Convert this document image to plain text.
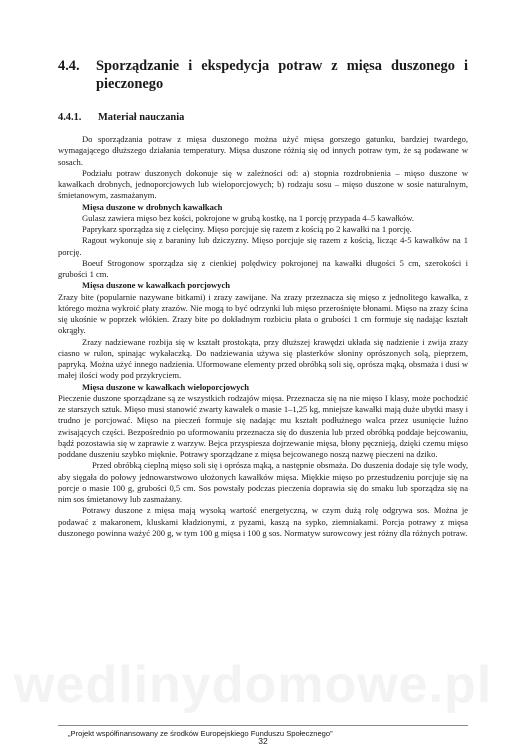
wedlinydomowe.pl
4.4.	Sporządzanie i ekspedycja potraw z mięsa duszonego i pieczonego
4.4.1. Materiał nauczania

Do sporządzania potraw z mięsa duszonego można użyć mięsa gorszego gatunku, bardziej twardego, wymagającego dłuższego działania temperatury. Mięsa duszone różnią się od innych potraw tym, że są podawane w sosach.

Podziału potraw duszonych dokonuje się w zależności od: a) stopnia rozdrobnienia – mięso duszone w kawałkach drobnych, jednoporcjowych lub wieloporcjowych; b) rodzaju sosu – mięso duszone w sosie naturalnym, śmietanowym, zasmażanym.

Mięsa duszone w drobnych kawałkach

Gulasz zawiera mięso bez kości, pokrojone w grubą kostkę, na 1 porcję przypada 4–5 kawałków.

Paprykarz sporządza się z cielęciny. Mięso porcjuje się razem z kością po 2 kawałki na 1 porcję.

Ragout wykonuje się z baraniny lub dziczyzny. Mięso porcjuje się razem z kością, licząc 4-5 kawałków na 1 porcję.

Boeuf Strogonow sporządza się z cienkiej polędwicy pokrojonej na kawałki długości 5 cm, szerokości i grubości 1 cm.

Mięsa duszone w kawałkach porcjowych

Zrazy bite (popularnie nazywane bitkami) i zrazy zawijane. Na zrazy przeznacza się mięso z jednolitego kawałka, z którego można wykroić płaty zrazów. Nie mogą to być odrzynki lub mięso przerośnięte błonami. Mięso na zrazy ścina się ukośnie w poprzek włókien. Zrazy bite po dokładnym rozbiciu płata o grubości 1 cm formuje się nadając kształt okrągły.

Zrazy nadziewane rozbija się w kształt prostokąta, przy dłuższej krawędzi układa się nadzienie i zwija zrazy ciasno w rulon, spinając wykałaczką. Do nadziewania używa się plasterków słoniny oprószonych solą, pieprzem, papryką. Można użyć innego nadzienia. Uformowane elementy przed obróbką soli się, oprósza mąką, obsmaża i dusi w małej ilości wody pod przykryciem.

Mięsa duszone w kawałkach wieloporcjowych

Pieczenie duszone sporządzane są ze wszystkich rodzajów mięsa. Przeznacza się na nie mięso I klasy, może pochodzić ze starszych sztuk. Mięso musi stanowić zwarty kawałek o masie 1–1,25 kg, mniejsze kawałki mają duże ubytki masy i trudno je porcjować. Mięso na pieczeń formuje się nadając mu kształt podłużnego walca przez usunięcie luźno zwisających części. Bezpośrednio po uformowaniu przeznacza się do duszenia lub przed obróbką poddaje bejcowaniu, bądź pozostawia się w zaprawie z warzyw. Bejca przyspiesza dojrzewanie mięsa, błony pęcznieją, dzięki czemu mięso poddane duszeniu szybko mięknie. Potrawy sporządzane z mięsa bejcowanego noszą nazwę pieczeni na dziko.

Przed obróbką cieplną mięso soli się i oprósza mąką, a następnie obsmaża. Do duszenia dodaje się tyle wody, aby sięgała do połowy jednowarstwowo ułożonych kawałków mięsa. Miękkie mięso po przestudzeniu porcjuje się na porcje o masie 100 g, grubości 0,5 cm. Sos powstały podczas pieczenia doprawia się do smaku lub sporządza się na nim sos śmietanowy lub zasmażany.

Potrawy duszone z mięsa mają wysoką wartość energetyczną, w czym dużą rolę odgrywa sos. Można je podawać z makaronem, kluskami kładzionymi, z pyzami, kaszą na sypko, ziemniakami. Porcja potrawy z mięsa duszonego powinna ważyć 200 g, w tym 100 g mięsa i 100 g sos. Normatyw surowcowy jest różny dla różnych potraw.

„Projekt współfinansowany ze środków Europejskiego Funduszu Społecznego”
32
